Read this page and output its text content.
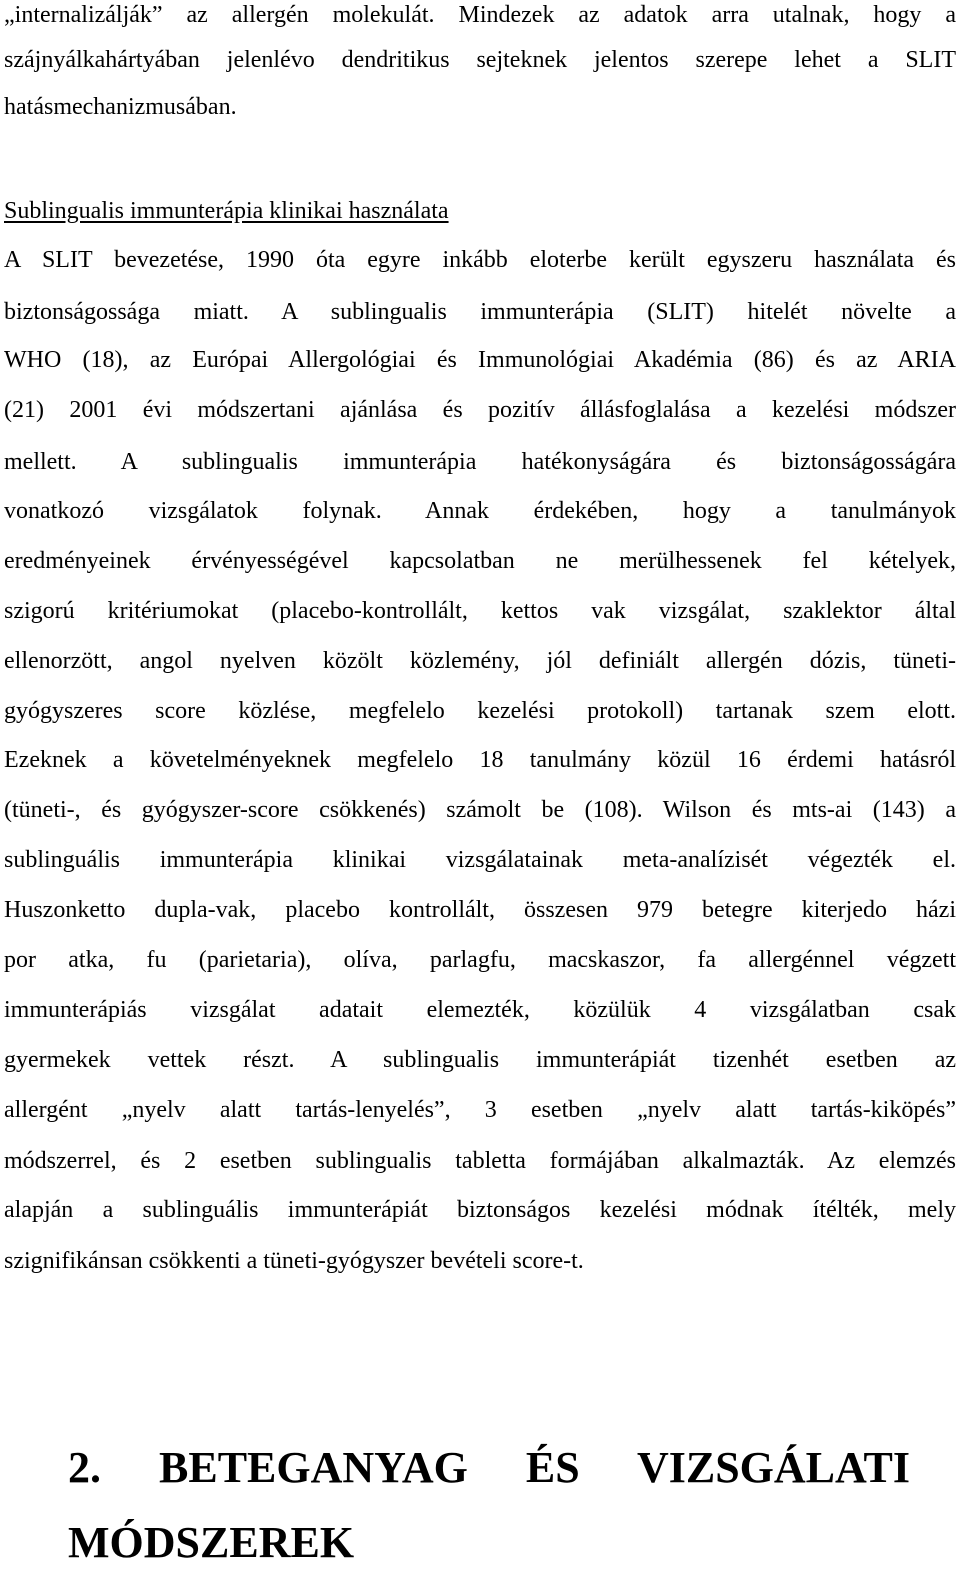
„internalizálják” az allergén molekulát. Mindezek az adatok arra utalnak, hogy a
szájnyálkahártyában jelenlévo dendritikus sejteknek jelentos szerepe lehet a SLIT
hatásmechanizmusában.
Sublingualis immunterápia klinikai használata
A SLIT bevezetése, 1990 óta egyre inkább eloterbe került egyszeru használata és
biztonságossága miatt. A sublingualis immunterápia (SLIT) hitelét növelte a
WHO (18), az Európai Allergológiai és Immunológiai Akadémia (86) és az ARIA
(21) 2001 évi módszertani ajánlása és pozitív állásfoglalása a kezelési módszer
mellett. A sublingualis immunterápia hatékonyságára és biztonságosságára
vonatkozó vizsgálatok folynak. Annak érdekében, hogy a tanulmányok
eredményeinek érvényességével kapcsolatban ne merülhessenek fel kételyek,
szigorú kritériumokat (placebo-kontrollált, kettos vak vizsgálat, szaklektor által
ellenorzött, angol nyelven közölt közlemény, jól definiált allergén dózis, tüneti-
gyógyszeres score közlése, megfelelo kezelési protokoll) tartanak szem elott.
Ezeknek a követelményeknek megfelelo 18 tanulmány közül 16 érdemi hatásról
(tüneti-, és gyógyszer-score csökkenés) számolt be (108). Wilson és mts-ai (143) a
sublinguális immunterápia klinikai vizsgálatainak meta-analízisét végezték el.
Huszonketto dupla-vak, placebo kontrollált, összesen 979 betegre kiterjedo házi
por atka, fu (parietaria), olíva, parlagfu, macskaszor, fa allergénnel végzett
immunterápiás vizsgálat adatait elemezték, közülük 4 vizsgálatban csak
gyermekek vettek részt. A sublingualis immunterápiát tizenhét esetben az
allergént „nyelv alatt tartás-lenyelés”, 3 esetben „nyelv alatt tartás-kiköpés”
módszerrel, és 2 esetben sublingualis tabletta formájában alkalmazták. Az elemzés
alapján a sublinguális immunterápiát biztonságos kezelési módnak ítélték, mely
szignifikánsan csökkenti a tüneti-gyógyszer bevételi score-t.
2. BETEGANYAG ÉS VIZSGÁLATI
MÓDSZEREK
